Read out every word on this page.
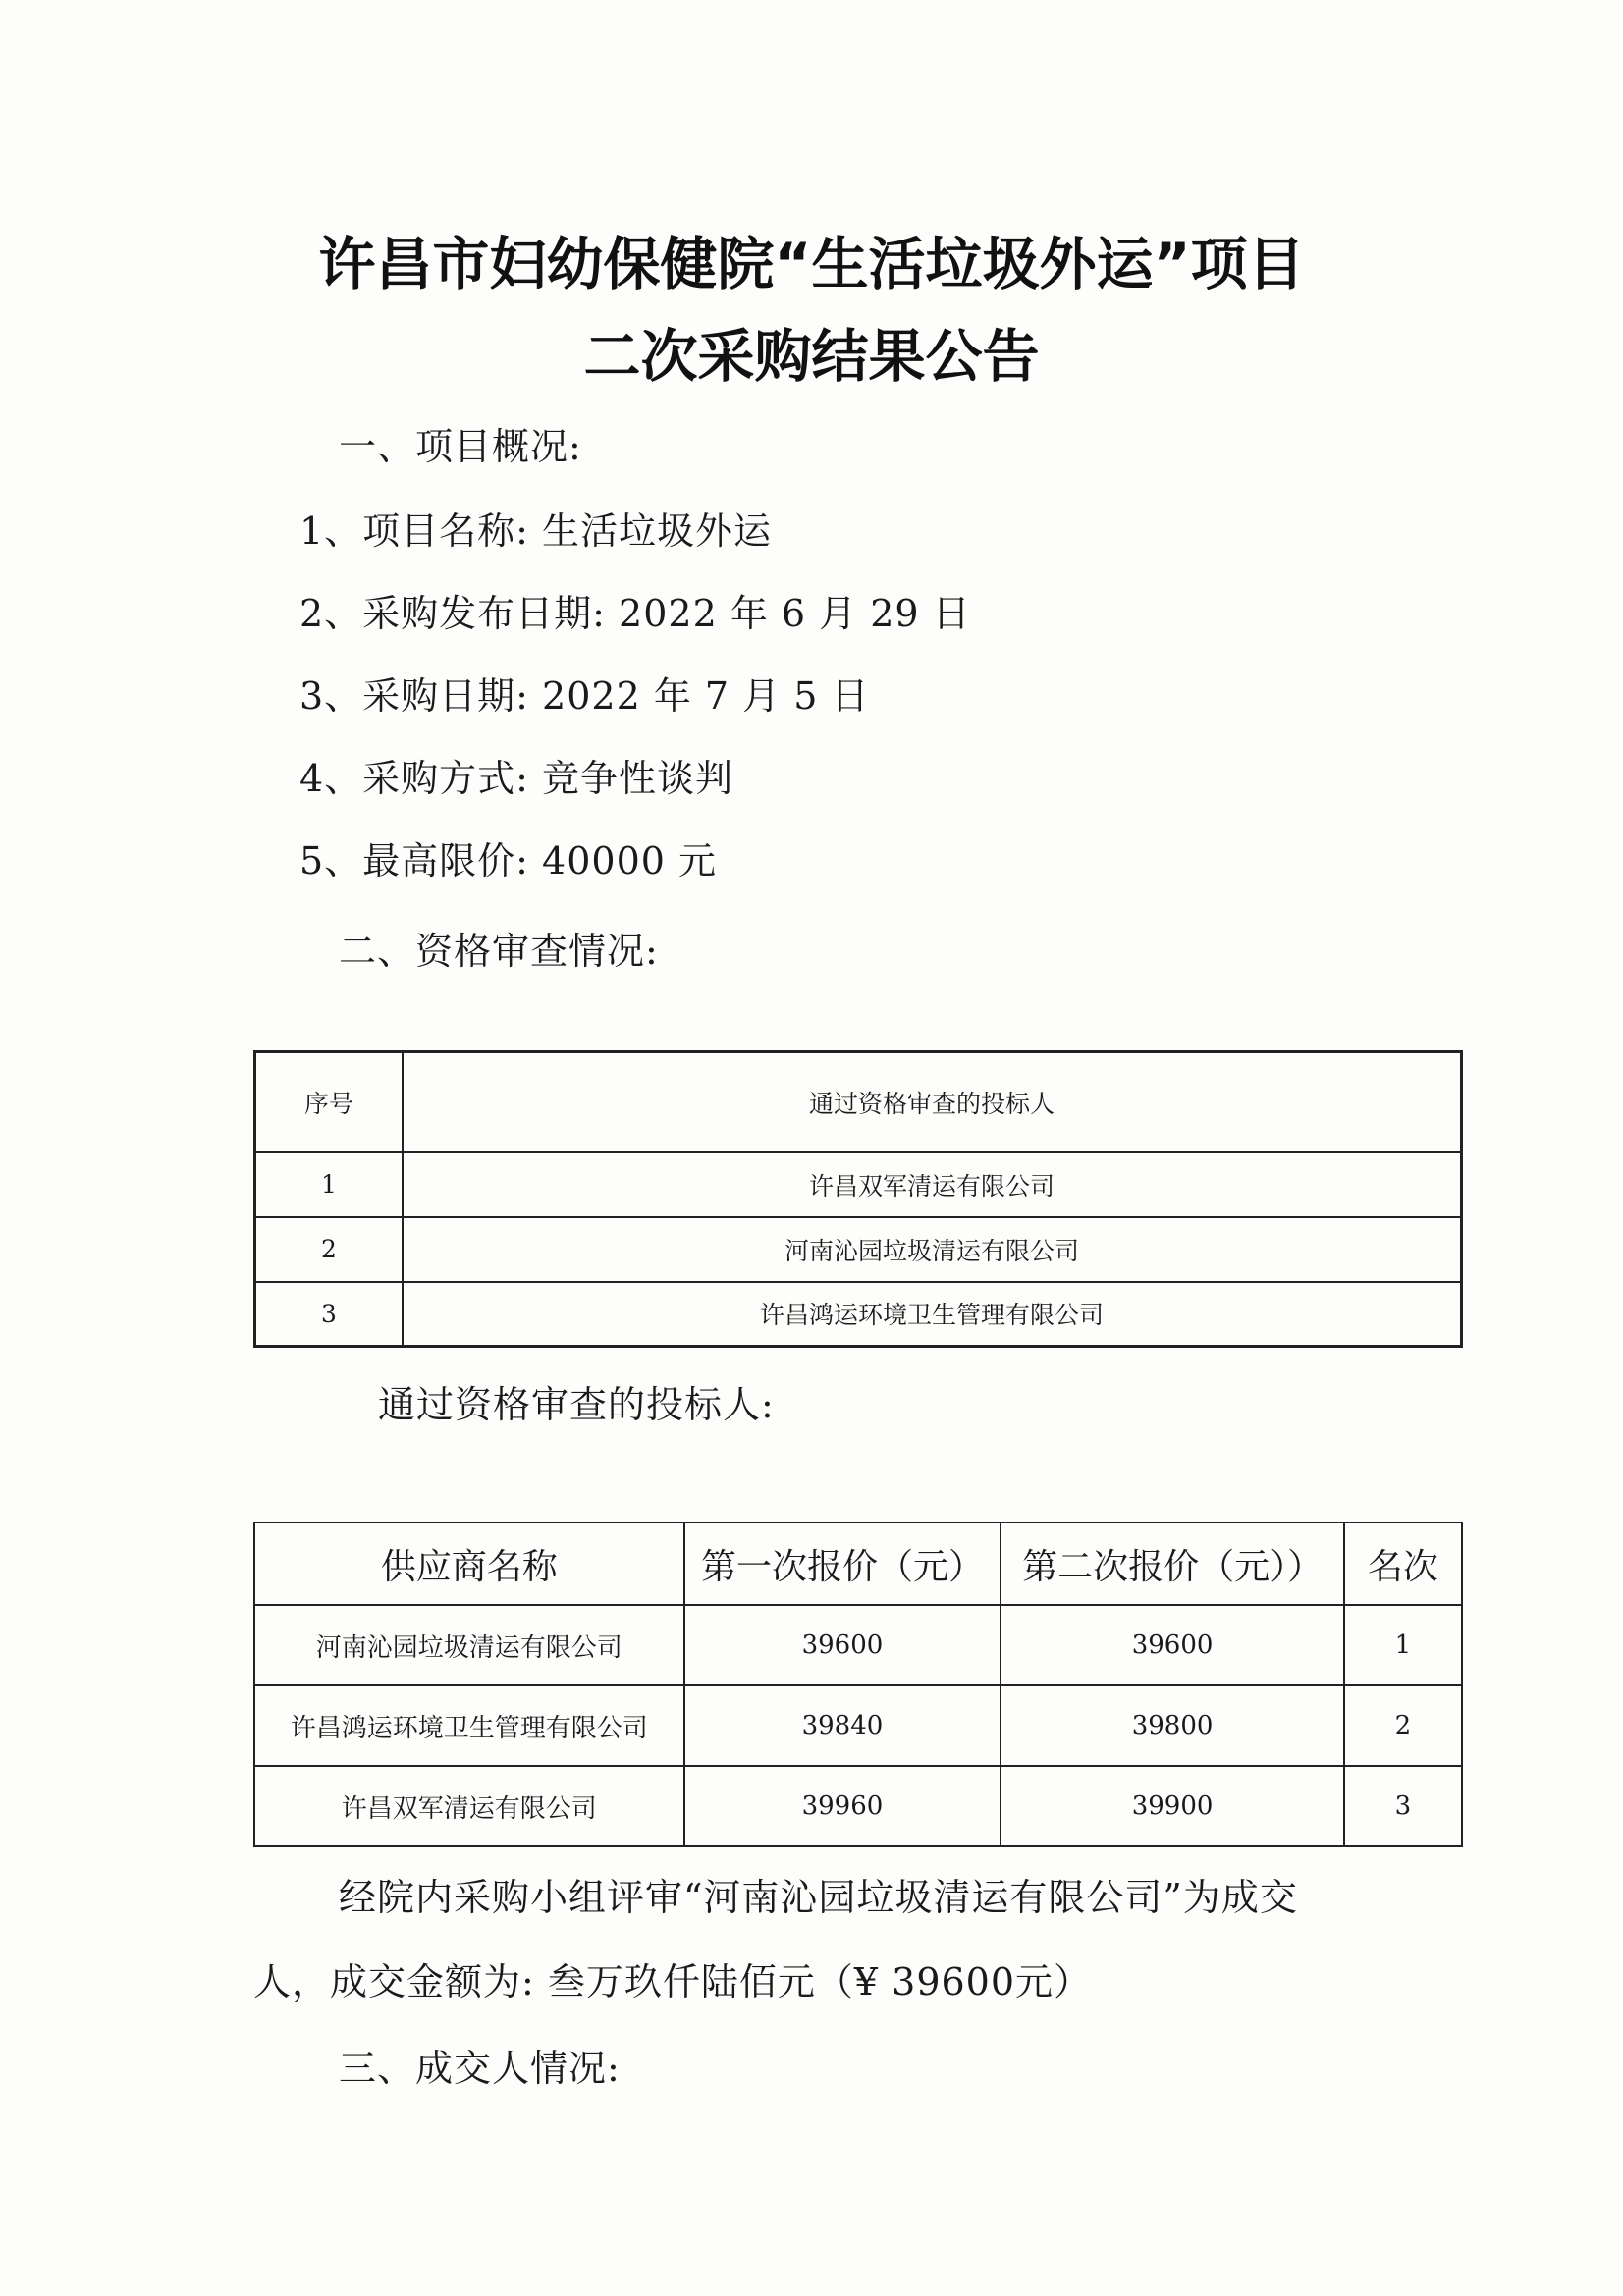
许昌市妇幼保健院“生活垃圾外运”项目
二次采购结果公告
一、项目概况:
1、项目名称: 生活垃圾外运
2、采购发布日期: 2022 年 6 月 29 日
3、采购日期: 2022 年 7 月 5 日
4、采购方式: 竞争性谈判
5、最高限价: 40000 元
二、资格审查情况:
序号	通过资格审查的投标人
1	许昌双军清运有限公司
2	河南沁园垃圾清运有限公司
3	许昌鸿运环境卫生管理有限公司
通过资格审查的投标人:
供应商名称	第一次报价（元）	第二次报价（元））	名次
河南沁园垃圾清运有限公司	39600	39600	1
许昌鸿运环境卫生管理有限公司	39840	39800	2
许昌双军清运有限公司	39960	39900	3
经院内采购小组评审“河南沁园垃圾清运有限公司”为成交
人，成交金额为: 叁万玖仟陆佰元（¥ 39600元）
三、成交人情况:
